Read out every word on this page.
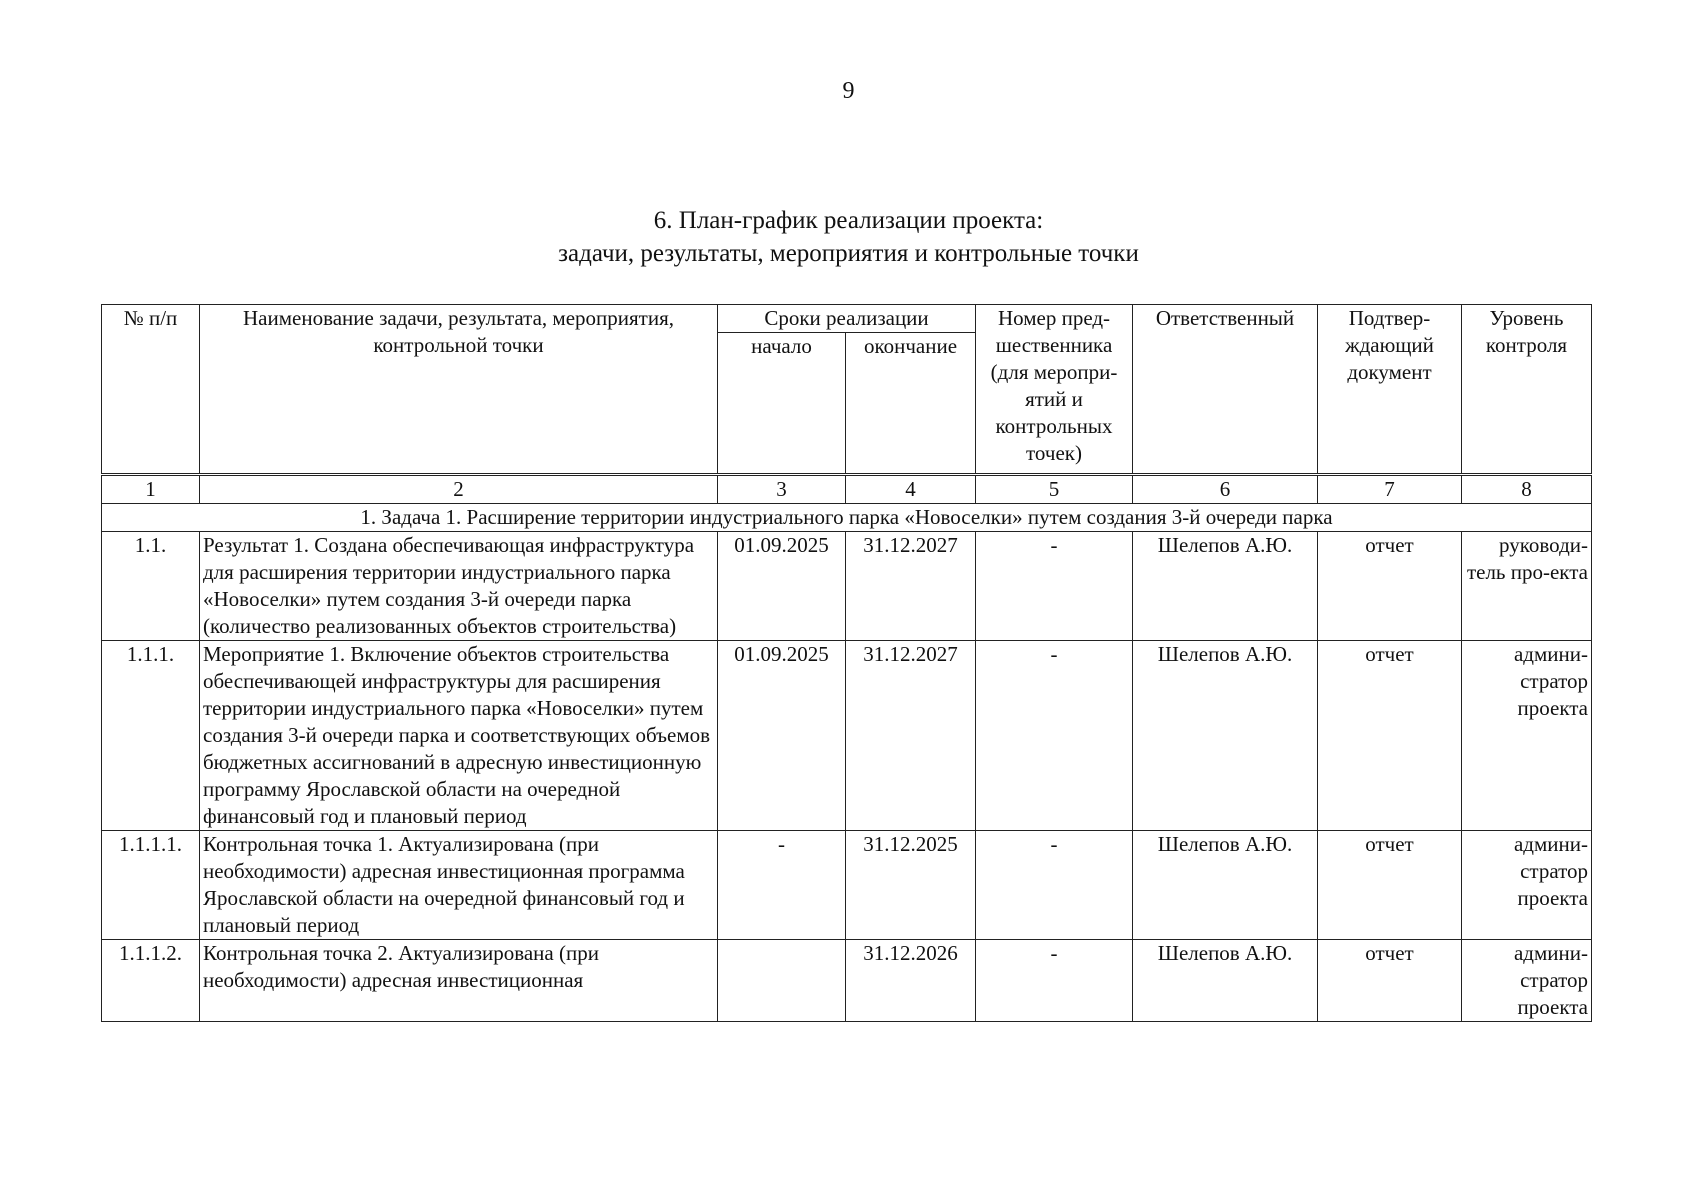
9
6. План-график реализации проекта:
задачи, результаты, мероприятия и контрольные точки
№ п/п	Наименование задачи, результата, мероприятия, контрольной точки	Сроки реализации		Номер пред-шественника (для меропри-ятий и контрольных точек)	Ответственный	Подтвер-ждающий документ	Уровень контроля
		начало	окончание				
1	2	3	4	5	6	7	8
1. Задача 1. Расширение территории индустриального парка «Новоселки» путем создания 3-й очереди парка							
1.1.	Результат 1. Создана обеспечивающая инфраструктура для расширения территории индустриального парка «Новоселки» путем создания 3-й очереди парка (количество реализованных объектов строительства)	01.09.2025	31.12.2027	-	Шелепов А.Ю.	отчет	руководи-тель про-екта
1.1.1.	Мероприятие 1. Включение объектов строительства обеспечивающей инфраструктуры для расширения территории индустриального парка «Новоселки» путем создания 3-й очереди парка и соответствующих объемов бюджетных ассигнований в адресную инвестиционную программу Ярославской области на очередной финансовый год и плановый период	01.09.2025	31.12.2027	-	Шелепов А.Ю.	отчет	админи-стратор проекта
1.1.1.1.	Контрольная точка 1. Актуализирована (при необходимости) адресная инвестиционная программа Ярославской области на очередной финансовый год и плановый период	-	31.12.2025	-	Шелепов А.Ю.	отчет	админи-стратор проекта
1.1.1.2.	Контрольная точка 2. Актуализирована (при необходимости) адресная инвестиционная		31.12.2026	-	Шелепов А.Ю.	отчет	админи-стратор проекта
